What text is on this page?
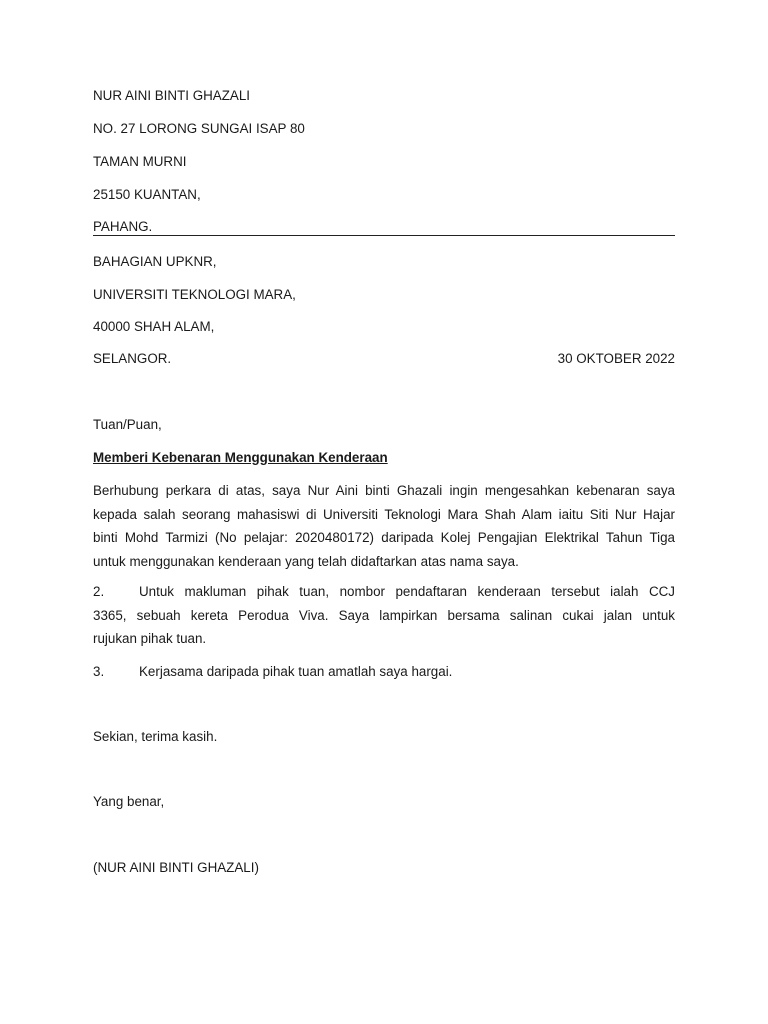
NUR AINI BINTI GHAZALI
NO. 27 LORONG SUNGAI ISAP 80
TAMAN MURNI
25150 KUANTAN,
PAHANG.
BAHAGIAN UPKNR,
UNIVERSITI TEKNOLOGI MARA,
40000 SHAH ALAM,
SELANGOR.	30 OKTOBER 2022
Tuan/Puan,
Memberi Kebenaran Menggunakan Kenderaan
Berhubung perkara di atas, saya Nur Aini binti Ghazali ingin mengesahkan kebenaran saya
kepada salah seorang mahasiswi di Universiti Teknologi Mara Shah Alam iaitu Siti Nur Hajar
binti Mohd Tarmizi (No pelajar: 2020480172) daripada Kolej Pengajian Elektrikal Tahun Tiga
untuk menggunakan kenderaan yang telah didaftarkan atas nama saya.
2.	Untuk makluman pihak tuan, nombor pendaftaran kenderaan tersebut ialah CCJ
3365, sebuah kereta Perodua Viva. Saya lampirkan bersama salinan cukai jalan untuk
rujukan pihak tuan.
3.	Kerjasama daripada pihak tuan amatlah saya hargai.
Sekian, terima kasih.
Yang benar,
(NUR AINI BINTI GHAZALI)
